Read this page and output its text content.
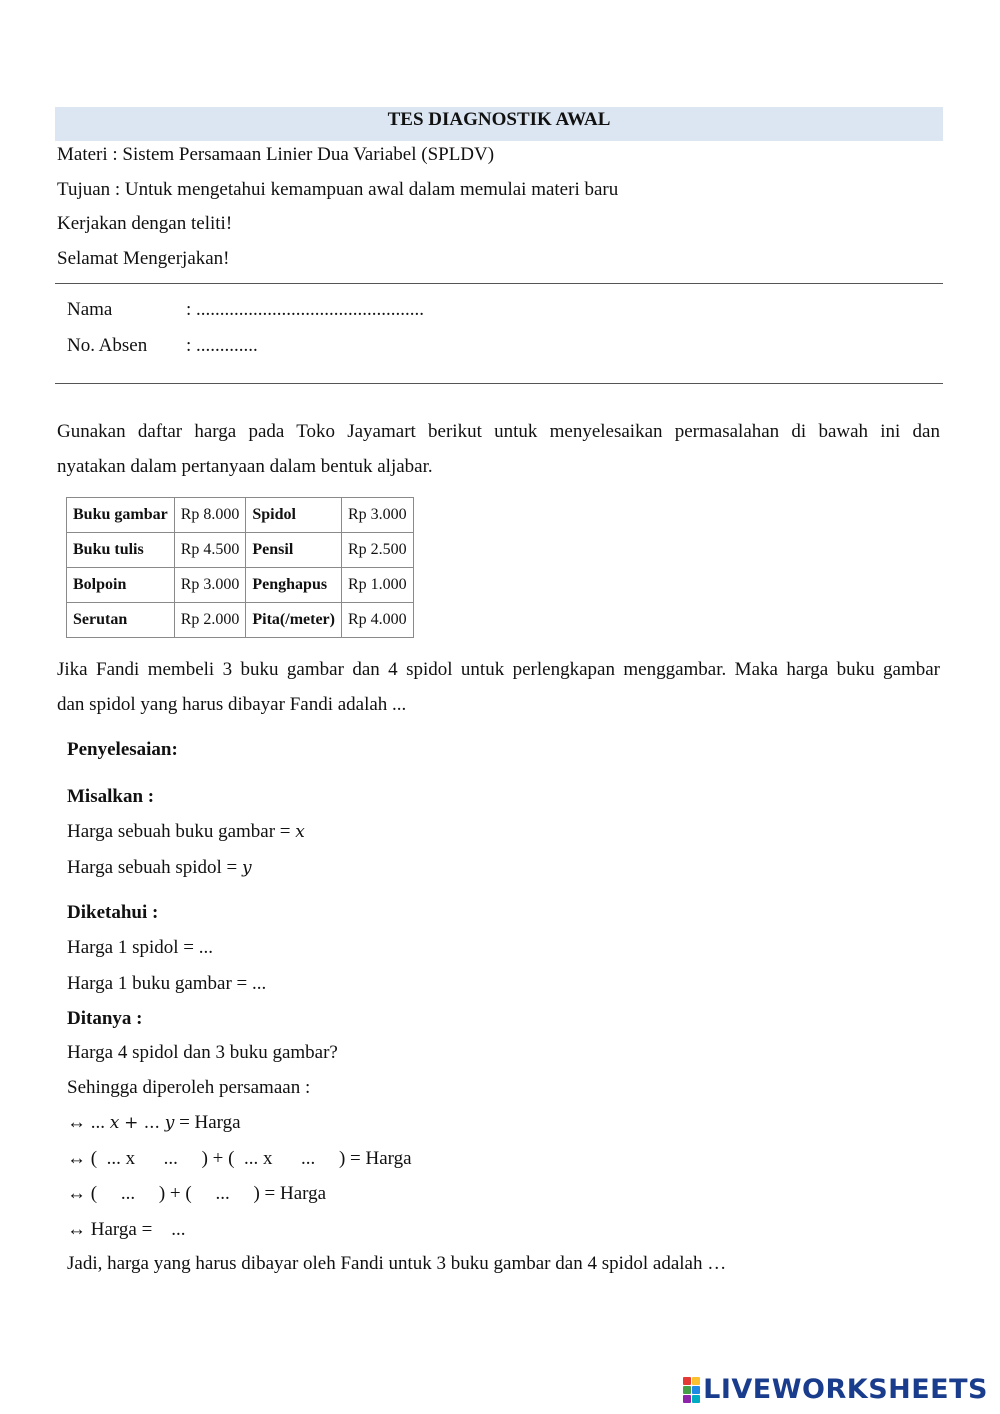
TES DIAGNOSTIK AWAL
Materi : Sistem Persamaan Linier Dua Variabel (SPLDV)
Tujuan : Untuk mengetahui kemampuan awal dalam memulai materi baru
Kerjakan dengan teliti!
Selamat Mengerjakan!
Nama	: ................................................
No. Absen : .............
Gunakan daftar harga pada Toko Jayamart berikut untuk menyelesaikan permasalahan di bawah ini dan
nyatakan dalam pertanyaan dalam bentuk aljabar.
Buku gambar	Rp 8.000	Spidol	Rp 3.000
Buku tulis	Rp 4.500	Pensil	Rp 2.500
Bolpoin	Rp 3.000	Penghapus	Rp 1.000
Serutan	Rp 2.000	Pita(/meter)	Rp 4.000
Jika Fandi membeli 3 buku gambar dan 4 spidol untuk perlengkapan menggambar. Maka harga buku gambar
dan spidol yang harus dibayar Fandi adalah ...
Penyelesaian:
Misalkan :
Harga sebuah buku gambar = x
Harga sebuah spidol = y
Diketahui :
Harga 1 spidol = ...
Harga 1 buku gambar = ...
Ditanya :
Harga 4 spidol dan 3 buku gambar?
Sehingga diperoleh persamaan :
↔ ... x + ... y = Harga
↔ (  ... x      ...     ) + (  ... x      ...     ) = Harga
↔ (     ...     ) + (     ...     ) = Harga
↔ Harga =    ...
Jadi, harga yang harus dibayar oleh Fandi untuk 3 buku gambar dan 4 spidol adalah …
LIVEWORKSHEETS
